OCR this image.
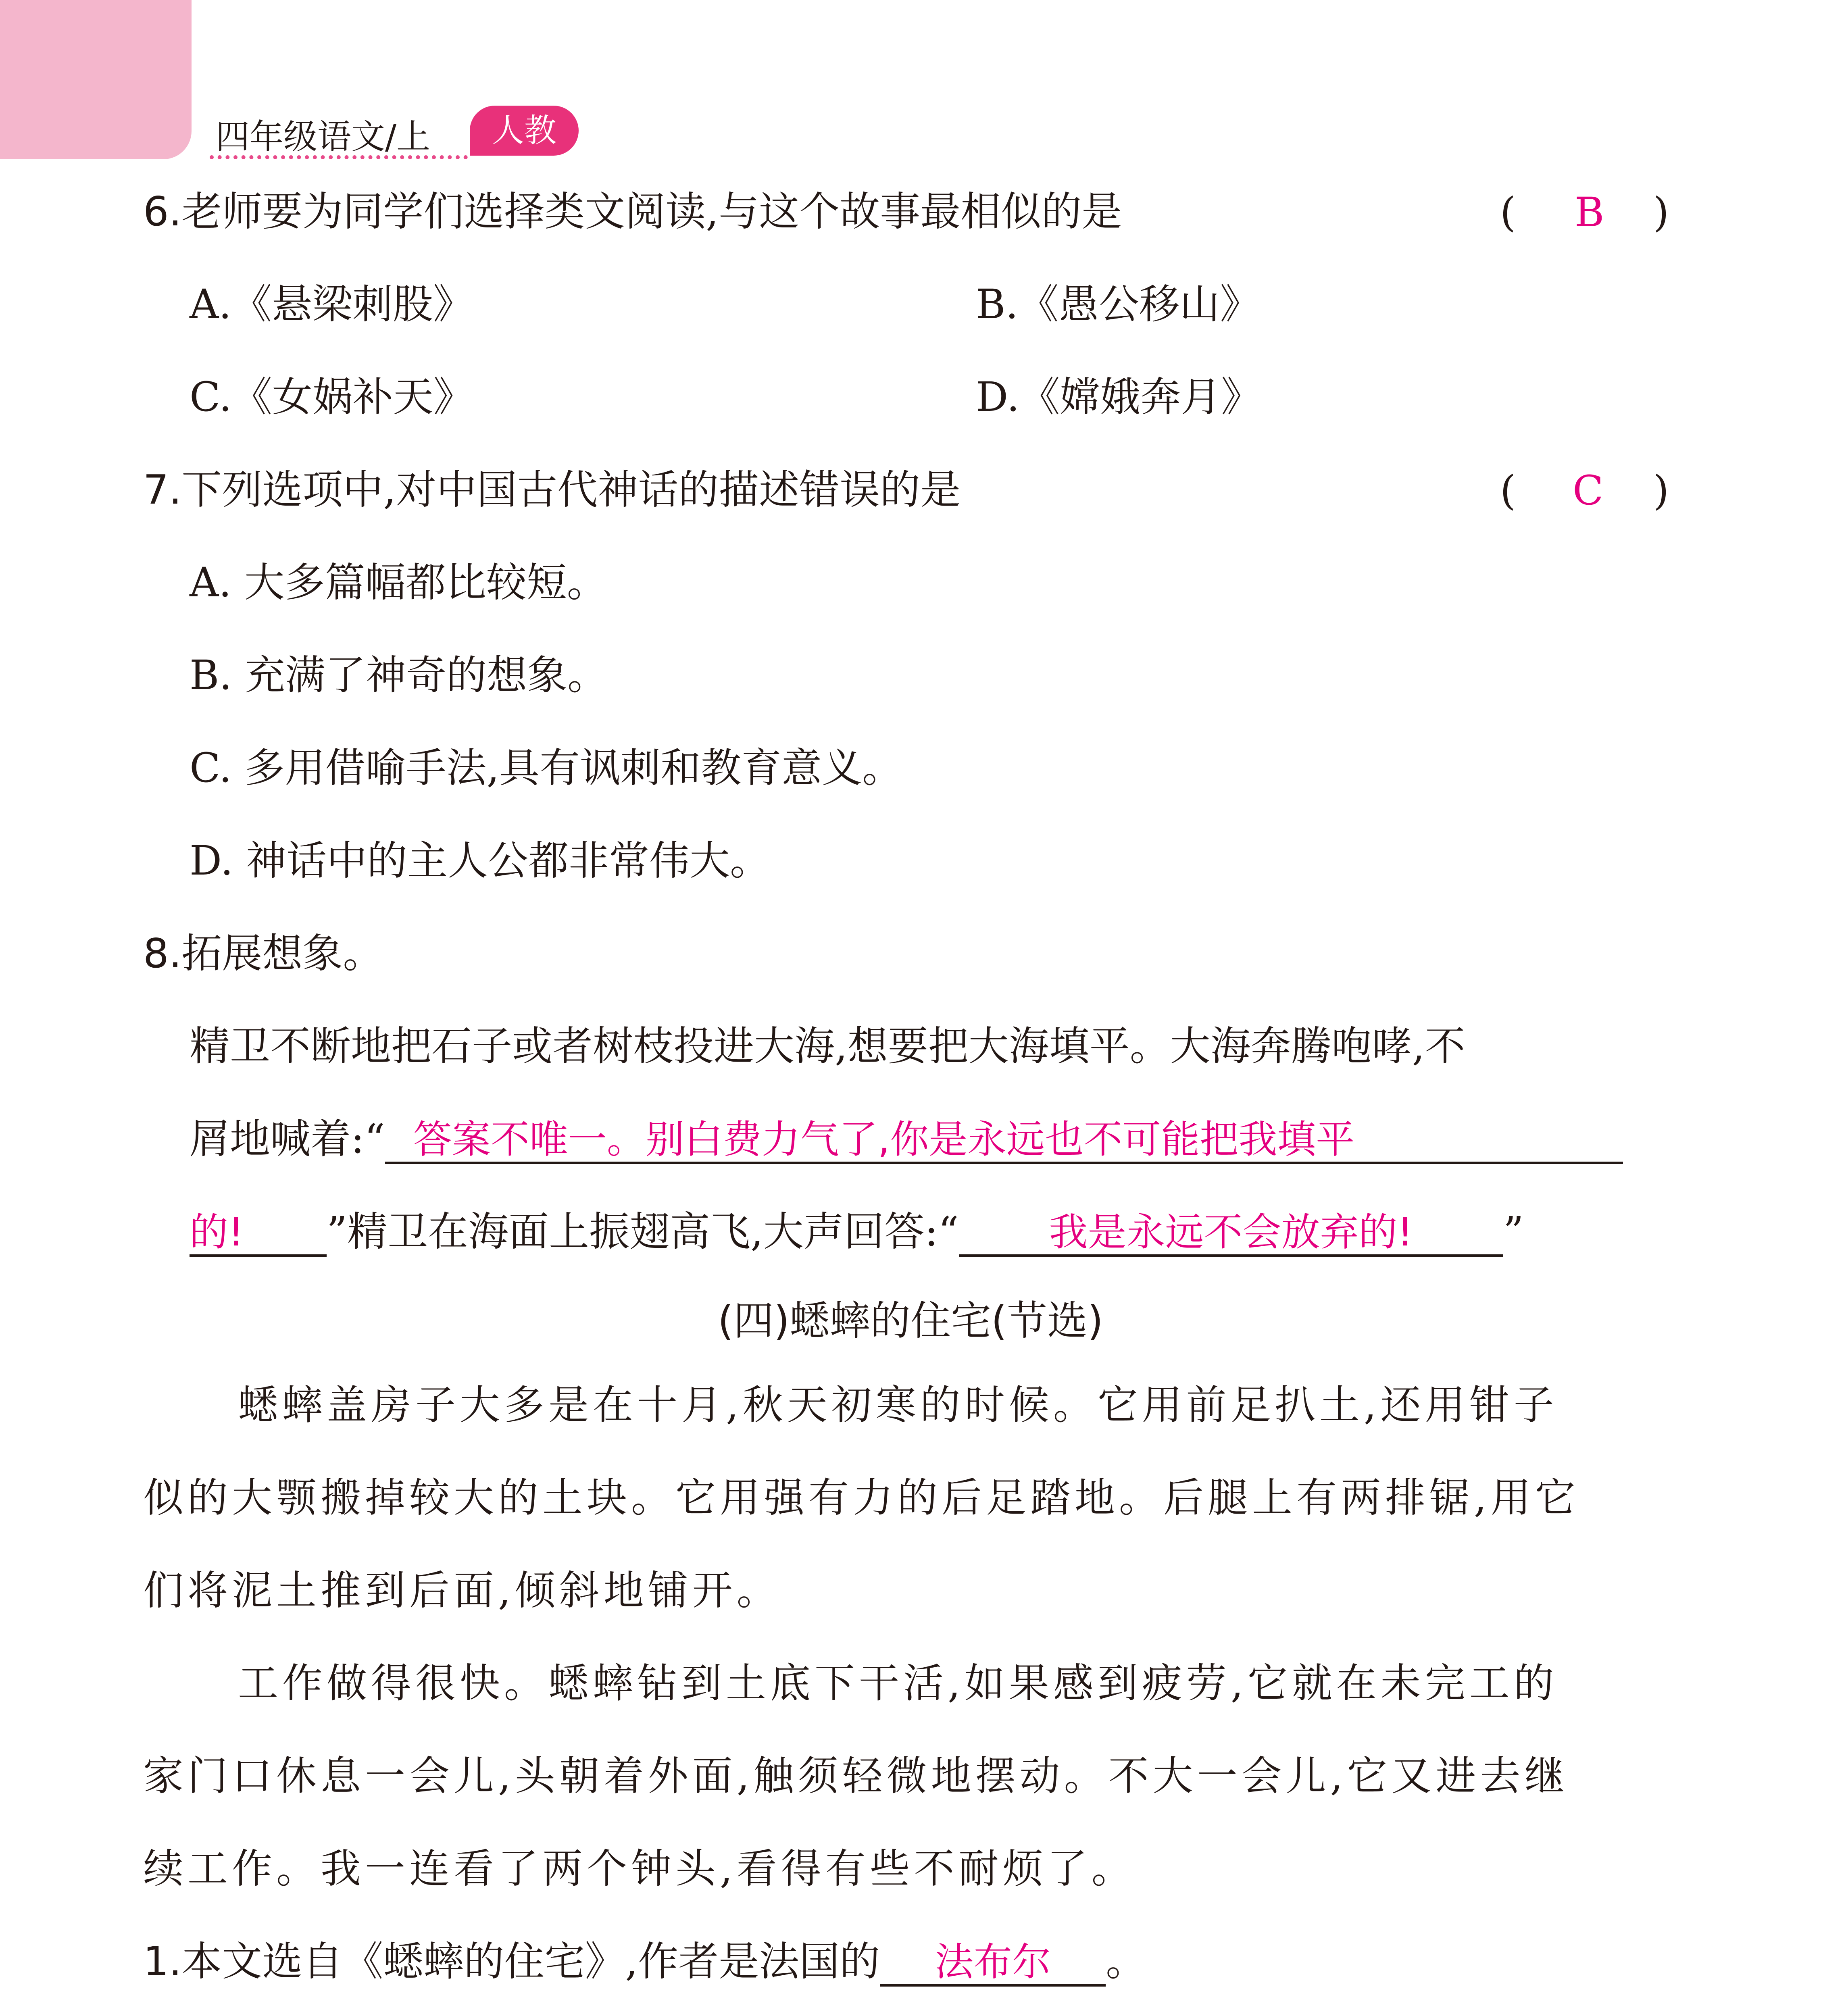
四年级语文/上	人教
6.老师要为同学们选择类文阅读,与这个故事最相似的是	( B )
A.《悬梁刺股》	B.《愚公移山》
C.《女娲补天》	D.《嫦娥奔月》
7.下列选项中,对中国古代神话的描述错误的是	( C )
A. 大多篇幅都比较短。
B. 充满了神奇的想象。
C. 多用借喻手法,具有讽刺和教育意义。
D. 神话中的主人公都非常伟大。
8.拓展想象。
精卫不断地把石子或者树枝投进大海,想要把大海填平。大海奔腾咆哮,不
屑地喊着:“ 答案不唯一。别白费力气了,你是永远也不可能把我填平
的! ”精卫在海面上振翅高飞,大声回答:“ 我是永远不会放弃的! ”
(四)蟋蟀的住宅(节选)
蟋蟀盖房子大多是在十月,秋天初寒的时候。它用前足扒土,还用钳子
似的大颚搬掉较大的土块。它用强有力的后足踏地。后腿上有两排锯,用它
们将泥土推到后面,倾斜地铺开。
工作做得很快。蟋蟀钻到土底下干活,如果感到疲劳,它就在未完工的
家门口休息一会儿,头朝着外面,触须轻微地摆动。不大一会儿,它又进去继
续工作。我一连看了两个钟头,看得有些不耐烦了。
1.本文选自《蟋蟀的住宅》,作者是法国的 法布尔 。
